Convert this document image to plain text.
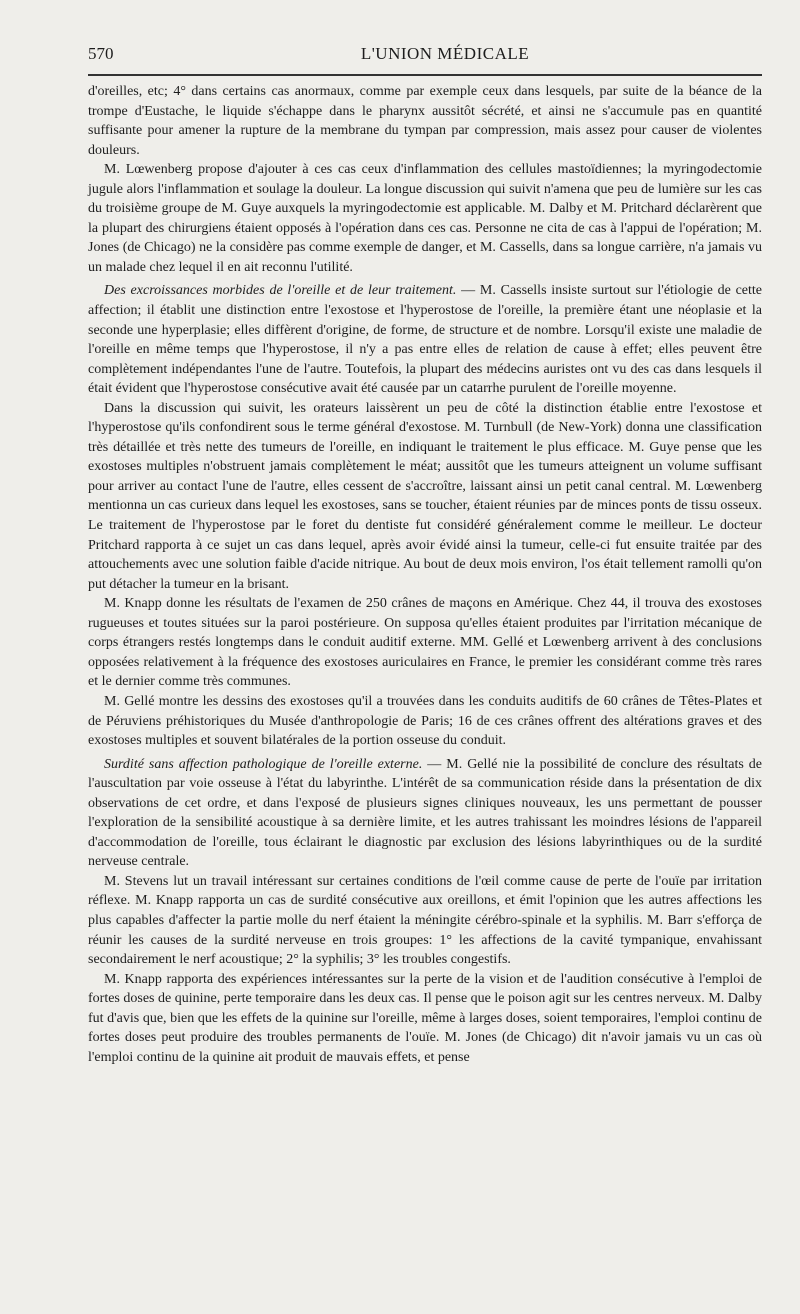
570	L'UNION MÉDICALE

d'oreilles, etc; 4° dans certains cas anormaux, comme par exemple ceux dans lesquels, par suite de la béance de la trompe d'Eustache, le liquide s'échappe dans le pharynx aussitôt sécrété, et ainsi ne s'accumule pas en quantité suffisante pour amener la rupture de la membrane du tympan par compression, mais assez pour causer de violentes douleurs.

M. Lœwenberg propose d'ajouter à ces cas ceux d'inflammation des cellules mastoïdiennes; la myringodectomie jugule alors l'inflammation et soulage la douleur. La longue discussion qui suivit n'amena que peu de lumière sur les cas du troisième groupe de M. Guye auxquels la myringodectomie est applicable. M. Dalby et M. Pritchard déclarèrent que la plupart des chirurgiens étaient opposés à l'opération dans ces cas. Personne ne cita de cas à l'appui de l'opération; M. Jones (de Chicago) ne la considère pas comme exemple de danger, et M. Cassells, dans sa longue carrière, n'a jamais vu un malade chez lequel il en ait reconnu l'utilité.

Des excroissances morbides de l'oreille et de leur traitement. — M. Cassells insiste surtout sur l'étiologie de cette affection; il établit une distinction entre l'exostose et l'hyperostose de l'oreille, la première étant une néoplasie et la seconde une hyperplasie; elles diffèrent d'origine, de forme, de structure et de nombre. Lorsqu'il existe une maladie de l'oreille en même temps que l'hyperostose, il n'y a pas entre elles de relation de cause à effet; elles peuvent être complètement indépendantes l'une de l'autre. Toutefois, la plupart des médecins auristes ont vu des cas dans lesquels il était évident que l'hyperostose consécutive avait été causée par un catarrhe purulent de l'oreille moyenne.

Dans la discussion qui suivit, les orateurs laissèrent un peu de côté la distinction établie entre l'exostose et l'hyperostose qu'ils confondirent sous le terme général d'exostose. M. Turnbull (de New-York) donna une classification très détaillée et très nette des tumeurs de l'oreille, en indiquant le traitement le plus efficace. M. Guye pense que les exostoses multiples n'obstruent jamais complètement le méat; aussitôt que les tumeurs atteignent un volume suffisant pour arriver au contact l'une de l'autre, elles cessent de s'accroître, laissant ainsi un petit canal central. M. Lœwenberg mentionna un cas curieux dans lequel les exostoses, sans se toucher, étaient réunies par de minces ponts de tissu osseux. Le traitement de l'hyperostose par le foret du dentiste fut considéré généralement comme le meilleur. Le docteur Pritchard rapporta à ce sujet un cas dans lequel, après avoir évidé ainsi la tumeur, celle-ci fut ensuite traitée par des attouchements avec une solution faible d'acide nitrique. Au bout de deux mois environ, l'os était tellement ramolli qu'on put détacher la tumeur en la brisant.

M. Knapp donne les résultats de l'examen de 250 crânes de maçons en Amérique. Chez 44, il trouva des exostoses rugueuses et toutes situées sur la paroi postérieure. On supposa qu'elles étaient produites par l'irritation mécanique de corps étrangers restés longtemps dans le conduit auditif externe. MM. Gellé et Lœwenberg arrivent à des conclusions opposées relativement à la fréquence des exostoses auriculaires en France, le premier les considérant comme très rares et le dernier comme très communes.

M. Gellé montre les dessins des exostoses qu'il a trouvées dans les conduits auditifs de 60 crânes de Têtes-Plates et de Péruviens préhistoriques du Musée d'anthropologie de Paris; 16 de ces crânes offrent des altérations graves et des exostoses multiples et souvent bilatérales de la portion osseuse du conduit.

Surdité sans affection pathologique de l'oreille externe. — M. Gellé nie la possibilité de conclure des résultats de l'auscultation par voie osseuse à l'état du labyrinthe. L'intérêt de sa communication réside dans la présentation de dix observations de cet ordre, et dans l'exposé de plusieurs signes cliniques nouveaux, les uns permettant de pousser l'exploration de la sensibilité acoustique à sa dernière limite, et les autres trahissant les moindres lésions de l'appareil d'accommodation de l'oreille, tous éclairant le diagnostic par exclusion des lésions labyrinthiques ou de la surdité nerveuse centrale.

M. Stevens lut un travail intéressant sur certaines conditions de l'œil comme cause de perte de l'ouïe par irritation réflexe. M. Knapp rapporta un cas de surdité consécutive aux oreillons, et émit l'opinion que les autres affections les plus capables d'affecter la partie molle du nerf étaient la méningite cérébro-spinale et la syphilis. M. Barr s'efforça de réunir les causes de la surdité nerveuse en trois groupes: 1° les affections de la cavité tympanique, envahissant secondairement le nerf acoustique; 2° la syphilis; 3° les troubles congestifs.

M. Knapp rapporta des expériences intéressantes sur la perte de la vision et de l'audition consécutive à l'emploi de fortes doses de quinine, perte temporaire dans les deux cas. Il pense que le poison agit sur les centres nerveux. M. Dalby fut d'avis que, bien que les effets de la quinine sur l'oreille, même à larges doses, soient temporaires, l'emploi continu de fortes doses peut produire des troubles permanents de l'ouïe. M. Jones (de Chicago) dit n'avoir jamais vu un cas où l'emploi continu de la quinine ait produit de mauvais effets, et pense
